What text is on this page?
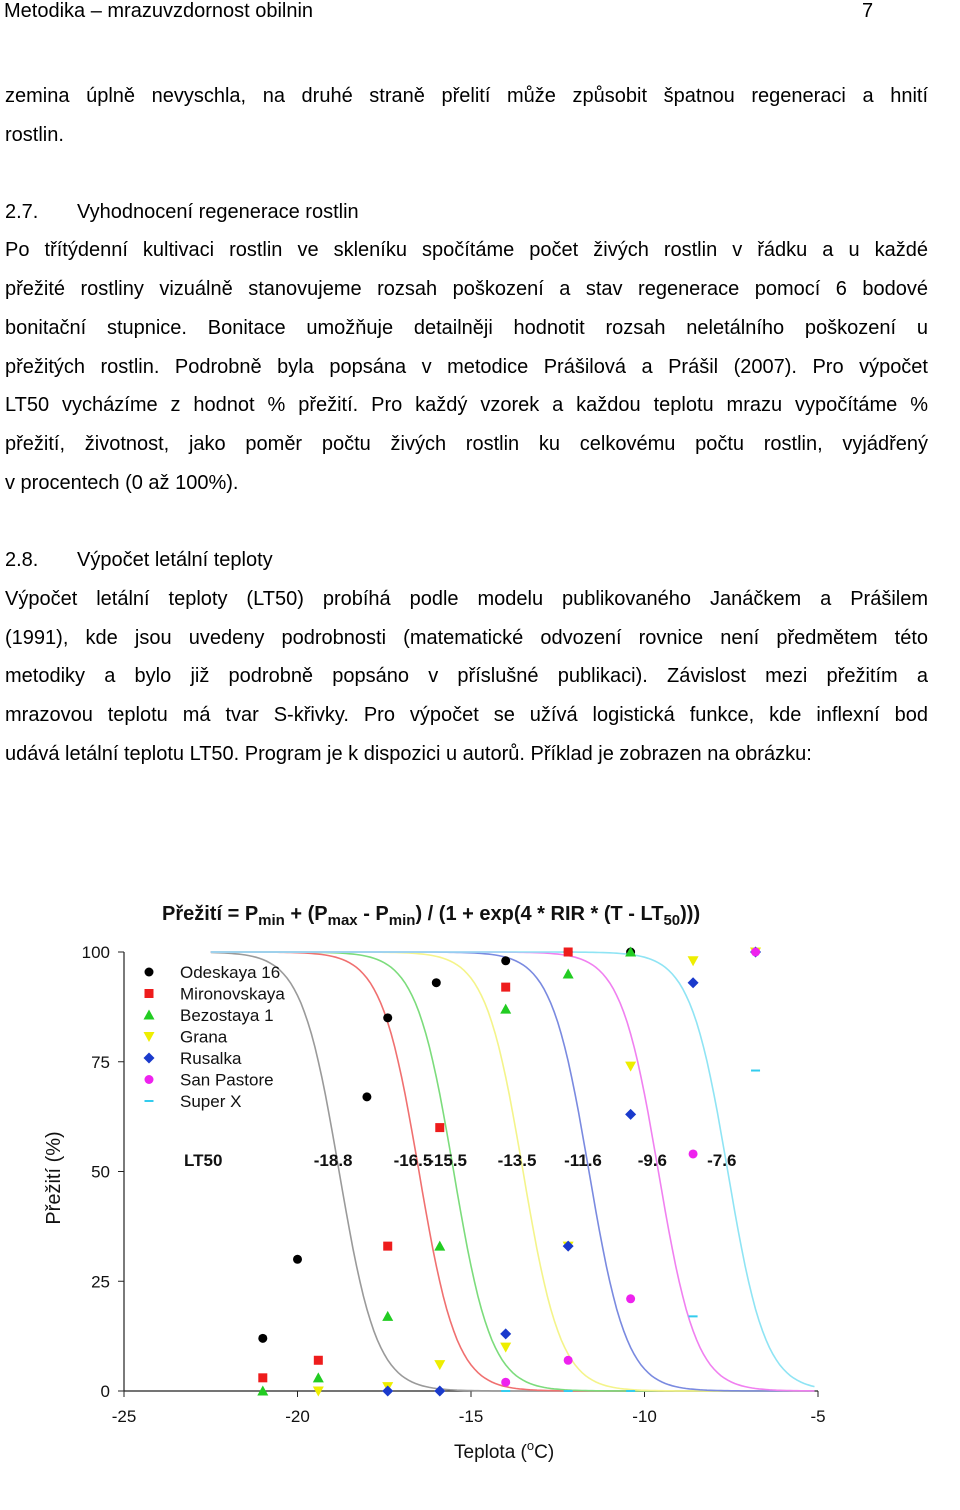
Metodika – mrazuvzdornost obilnin	7
zemina úplně nevyschla, na druhé straně přelití může způsobit špatnou regeneraci a hnití
rostlin.
2.7. Vyhodnocení regenerace rostlin
Po třítýdenní kultivaci rostlin ve skleníku spočítáme počet živých rostlin v řádku a u každé
přežité rostliny vizuálně stanovujeme rozsah poškození a stav regenerace pomocí 6 bodové
bonitační stupnice. Bonitace umožňuje detailněji hodnotit rozsah neletálního poškození u
přežitých rostlin. Podrobně byla popsána v metodice Prášilová a Prášil (2007). Pro výpočet
LT50 vycházíme z hodnot % přežití. Pro každý vzorek a každou teplotu mrazu vypočítáme %
přežití, životnost, jako poměr počtu živých rostlin ku celkovému počtu rostlin, vyjádřený
v procentech (0 až 100%).
2.8. Výpočet letální teploty
Výpočet letální teploty (LT50) probíhá podle modelu publikovaného Janáčkem a Prášilem
(1991), kde jsou uvedeny podrobnosti (matematické odvození rovnice není předmětem této
metodiky a bylo již podrobně popsáno v příslušné publikaci). Závislost mezi přežitím a
mrazovou teplotu má tvar S-křivky. Pro výpočet se užívá logistická funkce, kde inflexní bod
udává letální teplotu LT50. Program je k dispozici u autorů. Příklad je zobrazen na obrázku:
Přežití = $P_{min} + (P_{max} - P_{min}) / (1 + \exp(4$ * RIR * $(T - LT_{50})$))
0
25
50
75
100
-25	-20	-15	-10	-5
LT50	-18.8 -16.5
-15.5 -13.5 -11.6 -9.6 -7.6
Odeskaya 16
Mironovskaya
Bezostaya 1
Grana
Rusalka
San Pastore
Super X
Teplota ($^o$C)
Přežití (%)
